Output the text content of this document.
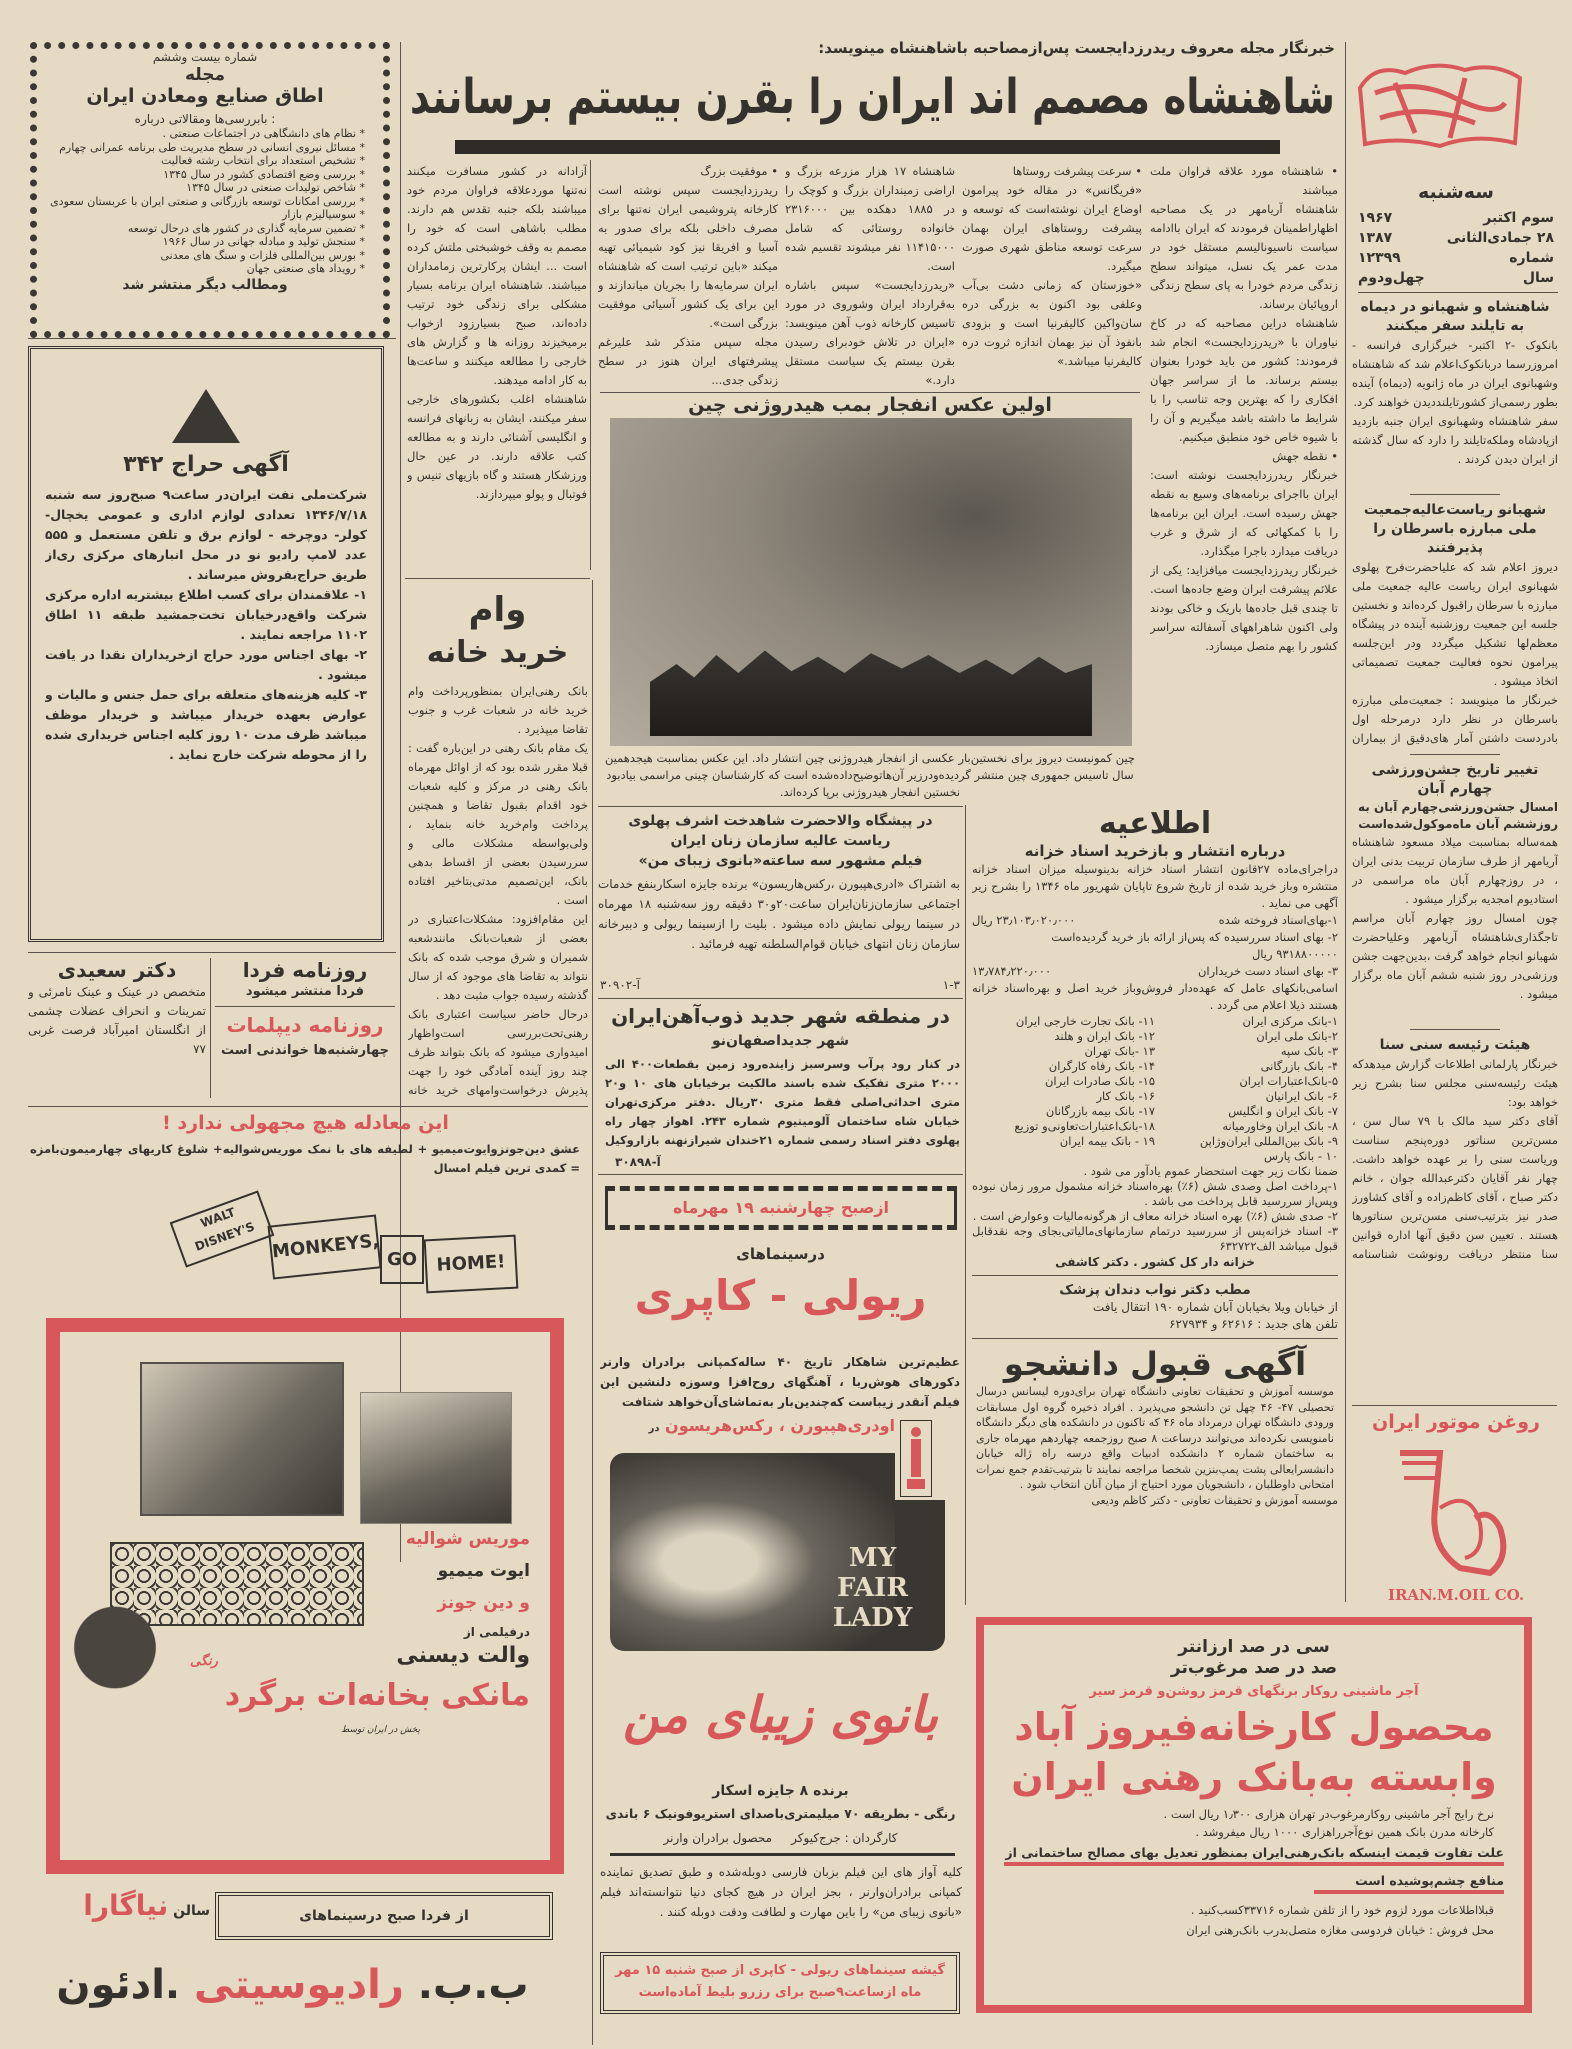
سه‌شنبه
سوم اکتبر
۱۹۶۷
۲۸ جمادی‌الثانی
۱۳۸۷
شماره
۱۲۳۹۹
سال
چهل‌ودوم
شاهنشاه و شهبانو در دیماه به تایلند سفر میکنند
بانکوک -۲ اکتبر- خبرگزاری فرانسه - امروزرسما دربانکوک‌اعلام شد که شاهنشاه وشهبانوی ایران در ماه ژانویه (دیماه) آینده بطور رسمی‌از کشورتایلنددیدن خواهند کرد.
سفر شاهنشاه وشهبانوی ایران جنبه بازدید ازپادشاه وملکه‌تایلند را دارد که سال گذشته از ایران دیدن کردند .
شهبانو ریاست‌عالیه‌جمعیت ملی مبارزه باسرطان را پذیرفتند
دیروز اعلام شد که علیاحضرت‌فرح پهلوی شهبانوی ایران ریاست عالیه جمعیت ملی مبارزه با سرطان راقبول کرده‌اند و نخستین جلسه این جمعیت روزشنبه آینده در پیشگاه معظم‌لها تشکیل میگردد ودر این‌جلسه پیرامون نحوه فعالیت جمعیت تصمیماتی اتخاذ میشود .
خبرنگار ما مینویسد : جمعیت‌ملی مبارزه باسرطان در نظر دارد درمرحله اول بادردست داشتن آمار های‌دقیق از بیماران
تغییر تاریخ جشن‌ورزشی چهارم آبان
امسال جشن‌ورزشی‌چهارم آبان به روزششم آبان ماه‌موکول‌شده‌است
همه‌ساله بمناسبت میلاد مسعود شاهنشاه آریامهر از طرف سازمان تربیت بدنی ایران ، در روزچهارم آبان ماه مراسمی در استادیوم امجدیه برگزار میشود .
چون امسال روز چهارم آبان مراسم تاجگذاری‌شاهنشاه آریامهر وعلیاحضرت شهبانو انجام خواهد گرفت ،بدین‌جهت جشن ورزشی‌در روز شنبه ششم آبان ماه برگزار میشود .
هیئت رئیسه سنی سنا
خبرنگار پارلمانی اطلاعات گزارش میدهدکه هیئت رئیسه‌سنی مجلس سنا بشرح زیر خواهد بود:
آقای دکتر سید مالک با ۷۹ سال سن ، مسن‌ترین سناتور دوره‌پنجم سناست ورياست سنی را بر عهده خواهد داشت. چهار نفر آقایان دکترعبدالله جوان ، خانم دکتر صباح ، آقای کاظم‌زاده و آقای کشاورز صدر نیز بترتیب‌سنی مسن‌ترین سناتورها هستند . تعیین سن دقیق آنها اداره قوانین سنا منتظر دریافت رونوشت شناسنامه
روغن موتور ایران
IRAN.M.OIL CO.
خبرنگار مجله معروف ریدرزدایجست پس‌ازمصاحبه باشاهنشاه مینویسد:
شاهنشاه مصمم اند ایران را بقرن بیستم برسانند
• شاهنشاه مورد علاقه فراوان ملت میباشند
شاهنشاه آریامهر در یک مصاحبه اظهاراطمینان فرمودند که ایران باادامه سیاست ناسیونالیسم مستقل خود در مدت عمر یک نسل، میتواند سطح زندگی مردم خودرا به پای سطح زندگی اروپائیان برساند.
شاهنشاه دراین مصاحبه که در کاخ نیاوران با «ریدرزدایجست» انجام شد فرمودند: کشور من باید خودرا بعنوان بیستم برساند. ما از سراسر جهان افکاری را که بهترین وجه تناسب را با شرایط ما داشته باشد میگیریم و آن را با شیوه خاص خود منطبق میکنیم.
• نقطه جهش
خبرنگار ریدرزدایجست نوشته است: ایران بااجرای برنامه‌های وسیع به نقطه جهش رسیده است. ایران این برنامه‌ها را با کمکهائی که از شرق و غرب دریافت میدارد باجرا میگذارد.
خبرنگار ریدرزدایجست میافزاید: یکی از علائم پیشرفت ایران وضع جاده‌ها است. تا چندی قبل جاده‌ها باریک و خاکی بودند ولی اکنون شاهراههای آسفالته سراسر کشور را بهم متصل میسازد.
• سرعت پیشرفت روستاها
«فریگانس» در مقاله خود پیرامون اوضاع ایران نوشته‌است که توسعه و پیشرفت روستاهای ایران بهمان سرعت توسعه مناطق شهری صورت میگیرد.
«خوزستان که زمانی دشت بی‌آب وعلفی بود اکنون به بزرگی دره سان‌واکین کالیفرنیا است و بزودی بانفوذ آن نیز بهمان اندازه ثروت دره کالیفرنیا میباشد.»
شاهنشاه ۱۷ هزار مزرعه بزرگ و اراضی زمینداران بزرگ و کوچک را در ۱۸۸۵ دهکده‌ بین ۲۳۱۶۰۰۰ خانواده روستائی که شامل ۱۱۴۱۵۰۰۰ نفر میشوند تقسیم شده است.
«ریدرزدایجست» سپس باشاره به‌قرارداد ایران وشوروی در مورد تاسیس کارخانه ذوب آهن مینویسد: «ایران در تلاش خودبرای رسیدن بقرن بیستم یک سیاست مستقل دارد.»
• موفقیت بزرگ
ریدرزدایجست سپس نوشته است کارخانه پتروشیمی ایران نه‌تنها برای مصرف داخلی بلکه برای صدور به آسیا و افریقا نیز کود شیمیائی تهیه میکند «باین ترتیب است که شاهنشاه ایران سرمایه‌ها را بجریان میاندازند و این برای یک کشور آسیائی موفقیت بزرگی است».
مجله سپس متذکر شد علیرغم پیشرفتهای ایران هنوز در سطح زندگی جدی...
آزادانه در کشور مسافرت میکنند نه‌تنها موردعلاقه فراوان مردم خود میباشند بلکه جنبه تقدس هم دارند. مطلب باشاهی است که خود را مصمم به وقف خوشبختی ملتش کرده است ... ایشان پرکارترین زمامداران میباشند. شاهنشاه ایران برنامه بسیار مشکلی برای زندگی خود ترتیب داده‌اند، صبح بسیارزود ازخواب برمیخیزند روزانه ها و گزارش های خارجی را مطالعه میکنند و ساعت‌ها به کار ادامه میدهند.
شاهنشاه اغلب بکشورهای خارجی سفر میکنند، ایشان به زبانهای فرانسه و انگلیسی آشنائی دارند و به مطالعه کتب علاقه دارند. در عین حال ورزشکار هستند و گاه بازیهای تنیس و فوتبال و پولو میپردازند.
اولین عکس انفجار بمب هیدروژنی چین
چین کمونیست دیروز برای نخستین‌بار عکسی از انفجار هیدروژنی چین انتشار داد. این عکس بمناسبت هیجدهمین سال تاسیس جمهوری چین منتشر گردیده‌ودرزیر آن‌هاتوضیح‌داده‌شده است که کارشناسان چینی مراسمی بیادبود نخستین انفجار هیدروژنی برپا کرده‌اند.
شماره بیست وششم
مجله
اطاق صنایع ومعادن ایران
بابررسی‌ها ومقالاتی درباره :
* نظام های دانشگاهی در اجتماعات صنعتی .
* مسائل نیروی انسانی در سطح مدیریت طی برنامه عمرانی چهارم
* تشخیص استعداد برای انتخاب رشته فعالیت
* بررسی وضع اقتصادی کشور در سال ۱۳۴۵
* شاخص تولیدات صنعتی در سال ۱۳۴۵
* بررسی امکانات توسعه بازرگانی و صنعتی ایران با عربستان سعودی
* سوسیالیزم بازار
* تضمین سرمایه گذاری در کشور های درحال توسعه
* سنجش تولید و مبادله جهانی در سال ۱۹۶۶
* بورس بین‌المللی فلزات و سنگ های معدنی
* رویداد های صنعتی جهان
ومطالب دیگر منتشر شد
آگهی حراج ۳۴۲
شرکت‌ملی نفت ایران‌در ساعت۹ صبح‌روز سه شنبه ۱۳۴۶/۷/۱۸ تعدادی لوازم اداری و عمومی یخچال- کولر- دوچرخه - لوازم برق و تلفن مستعمل و ۵۵۵ عدد لامپ رادیو نو در محل انبارهای مرکزی ری‌از طریق حراج‌بفروش میرساند .
۱- علاقمندان برای کسب اطلاع بیشتربه اداره مرکزی شرکت واقع‌درخیابان تخت‌جمشید طبقه ۱۱ اطاق ۱۱۰۲ مراجعه نمایند .
۲- بهای اجناس مورد حراج ازخریداران نقدا در یافت میشود .
۳- کلیه هزینه‌های متعلقه برای حمل جنس و مالیات و عوارض بعهده خریدار میباشد و خریدار موظف میباشد ظرف مدت ۱۰ روز کلیه اجناس خریداری شده را از محوطه شرکت خارج نماید .
روزنامه فردا
فردا منتشر میشود
روزنامه دیپلمات
چهارشنبه‌ها خواندنی است
دکتر سعیدی
متخصص در عینک و عینک نامرئی و تمرینات و انحراف عضلات چشمی از انگلستان امیرآباد فرصت غربی ۷۷
این معادله هیچ مجهولی ندارد !
عشق دین‌جونزوایوت‌میمیو + لطیفه های با نمک موریس‌شوالیه+ شلوغ کاریهای چهارمیمون‌بامزه = کمدی ترین فیلم امسال
WALT DISNEY'S MONKEYS, GO	HOME!
موریس شوالیه
ایوت میمیو
و دین جونز
درفیلمی از
والت دیسنی
رنگی
مانکی بخانه‌ات برگرد
پخش در ایران توسط
از فردا صبح درسینماهای
سالن نیاگارا
ب.ب. رادیوسیتی .ادئون
وام
خرید خانه
بانک رهنی‌ایران بمنظورپرداخت وام خرید خانه در شعبات غرب و جنوب تقاضا میپذیرد .
یک مقام بانک رهنی در این‌باره گفت : قبلا مقرر شده بود که از اوائل مهرماه بانک رهنی در مرکز و کلیه شعبات خود اقدام بقبول تقاضا و همچنین پرداخت وام‌خرید خانه بنماید ، ولی‌بواسطه مشکلات مالی و سررسیدن بعضی از اقساط بدهی بانک، این‌تصمیم مدتی‌بتاخیر افتاده است .
این مقام‌افزود: مشکلات‌اعتباری در بعضی از شعبات‌بانک مانندشعبه شمیران و شرق موجب شده که بانک نتواند به تقاضا های موجود که از سال گذشته رسیده جواب مثبت دهد .
درحال حاضر سیاست اعتباری بانک رهنی‌تحت‌بررسی است‌واظهار امیدواری میشود که بانک بتواند ظرف چند روز آینده آمادگی خود را جهت پذیرش درخواست‌وامهای خرید خانه
در پیشگاه والاحضرت شاهدخت اشرف پهلوی
ریاست عالیه سازمان زنان ایران
فیلم مشهور سه ساعته«بانوی زیبای من»
به اشتراک «ادری‌هپبورن ،رکس‌هاریسون» برنده جایزه اسکاربنفع خدمات اجتماعی سازمان‌زنان‌ایران ساعت۲۰و۳۰ دقیقه روز سه‌شنبه ۱۸ مهرماه در سینما ریولی نمایش داده میشود . بلیت را ازسینما ریولی و دبیرخانه سازمان زنان انتهای خیابان قوام‌السلطنه تهیه فرمائید .
آ-۳۰۹۰۲	۱-۳
در منطقه شهر جدید ذوب‌آهن‌ایران
شهر جدیداصفهان‌نو
در کنار رود پرآب وسرسبز زاینده‌رود زمین بقطعات۴۰۰ الی ۲۰۰۰ متری تفکیک شده باسند مالکیت برخیابان های ۱۰ و۲۰ متری احداثی‌اصلی فقط متری ۳۰ریال .دفتر مرکزی‌تهران خیابان شاه ساختمان آلومینیوم شماره ۲۴۳. اهواز چهار راه پهلوی دفتر اسناد رسمی شماره ۲۱خندان شیرازنهنه بازاروکیل
آ-۳۰۸۹۸
ازصبح چهارشنبه ۱۹ مهرماه
درسینماهای
ریولی - کاپری
عظیم‌ترین شاهکار تاریخ ۴۰ ساله‌کمپانی برادران وارنر دکورهای هوش‌ربا ، آهنگهای روح‌افزا وسوزه دلنشین این فیلم آنقدر زیباست که‌چندین‌بار به‌تماشای‌آن‌خواهد شتافت
اودری‌هپبورن ، رکس‌هریسون در
MY FAIR LADY
بانوی زیبای من
برنده ۸ جایزه اسکار
رنگی - بطریقه ۷۰ میلیمتری‌باصدای استریوفونیک ۶ باندی
کارگردان : جرج‌کیوکر     محصول برادران وارنر
کلیه آواز های این فیلم بزبان فارسی دوبله‌شده و طبق تصدیق نماینده کمپانی برادران‌وارنر ، بجز ایران در هیچ کجای دنیا نتوانسته‌اند فیلم «بانوی زیبای من» را باین مهارت و لطافت ودقت دوبله کنند .
گیشه سینماهای ریولی - کاپری از صبح شنبه ۱۵ مهر ماه ازساعت۹صبح برای رزرو بلیط آماده‌است
اطلاعیه
درباره انتشار و بازخرید اسناد خزانه
دراجرای‌ماده ۲۷قانون انتشار اسناد خزانه بدینوسیله میزان اسناد خزانه منتشره وباز خرید شده از تاریخ شروع تاپایان شهریور ماه ۱۳۴۶ را بشرح زیر آگهی می نماید .
۱-بهای‌اسناد فروخته شده
۲۳٫۱۰۳٫۰۲۰٫۰۰۰ ریال
۲- بهای اسناد سررسیده که پس‌از ارائه باز خرید گردیده‌است
۹۳۱۸۸۰۰۰۰۰ ریال
۳- بهای اسناد دست خریداران
۱۳٫۷۸۴٫۲۲۰٫۰۰۰
اسامی‌بانکهای عامل که عهده‌دار فروش‌وباز خرید اصل و بهره‌اسناد خزانه هستند ذیلا اعلام می گردد .
۱-بانک مرکزی ایران
۲-بانک ملی ایران
۳- بانک سپه
۴- بانک بازرگانی
۵-بانک‌اعتبارات ایران
۶- بانک ایرانیان
۷- بانک ایران و انگلیس
۸- بانک ایران وخاورمیانه
۹- بانک بین‌المللی ایران‌وژاپن
۱۰ - بانک پارس
۱۱- بانک تجارت خارجی ایران
۱۲- بانک ایران و هلند
۱۳ -بانک تهران
۱۴- بانک رفاه کارگران
۱۵- بانک صادرات ایران
۱۶- بانک کار
۱۷- بانک بیمه بازرگانان
۱۸-بانک‌اعتبارات‌تعاونی‌و توزیع
۱۹ - بانک بیمه ایران

ضمنا نکات زیر جهت استحضار عموم یادآور می شود .
۱-پرداخت اصل وصدی شش (۶٪) بهره‌اسناد خزانه مشمول مرور زمان نبوده وپس‌از سررسید قابل پرداخت می باشد .
۲- صدی شش (۶٪) بهره اسناد خزانه معاف از هرگونه‌مالیات وعوارض است .
۳- اسناد خزانه‌پس از سررسید درتمام سازمانهای‌مالیاتی‌بجای وجه نقدقابل قبول میباشد الف۶۳۲۷۲۲
خزانه دار کل کشور . دکتر کاشفی
مطب دکتر نواب دندان پزشک
از خیابان ویلا بخیابان آبان شماره ۱۹۰ انتقال یافت
تلفن های جدید : ۶۲۶۱۶ و ۶۲۷۹۳۴
آگهی قبول دانشجو
موسسه آموزش و تحقیقات تعاونی دانشگاه تهران برای‌دوره لیسانس درسال تحصیلی ۴۷- ۴۶ چهل تن دانشجو می‌پذیرد . افراد ذخیره گروه اول مسابقات ورودی دانشگاه تهران درمرداد ماه ۴۶ که تاکنون در دانشکده های دیگر دانشگاه نامنویسی نکرده‌اند می‌توانند درساعت ۸ صبح روزجمعه چهاردهم مهرماه جاری به ساختمان شماره ۲ دانشکده ادبیات واقع درسه راه ژاله خیابان دانشسرایعالی پشت پمپ‌بنزین شخصا مراجعه نمایند تا بترتیب‌تقدم جمع نمرات امتحانی داوطلبان ، دانشجویان مورد احتیاج از میان آنان انتخاب شود .
موسسه آموزش و تحقیقات تعاونی - دکتر کاظم ودیعی
سی در صد ارزانتر
صد در صد مرغوب‌تر
آجر ماشینی روکار برنگهای قرمز روشن‌و قرمز سیر
محصول کارخانه‌فیروز آباد
وابسته به‌بانک رهنی ایران
نرخ رایج آجر ماشینی روکارمرغوب‌در تهران هزاری ۱٫۳۰۰ ریال است .
کارخانه مدرن بانک همین نوع‌آجرراهزاری ۱۰۰۰ ریال میفروشد .
علت تفاوت قیمت اینسکه بانک‌رهنی‌ایران بمنظور تعدیل بهای مصالح ساختمانی از
منافع چشم‌پوشیده است
قبلااطلاعات مورد لزوم خود را از تلفن شماره ۳۳۷۱۶کسب‌کنید .
محل فروش : خیابان فردوسی مغازه متصل‌بدرب بانک‌رهنی ایران
